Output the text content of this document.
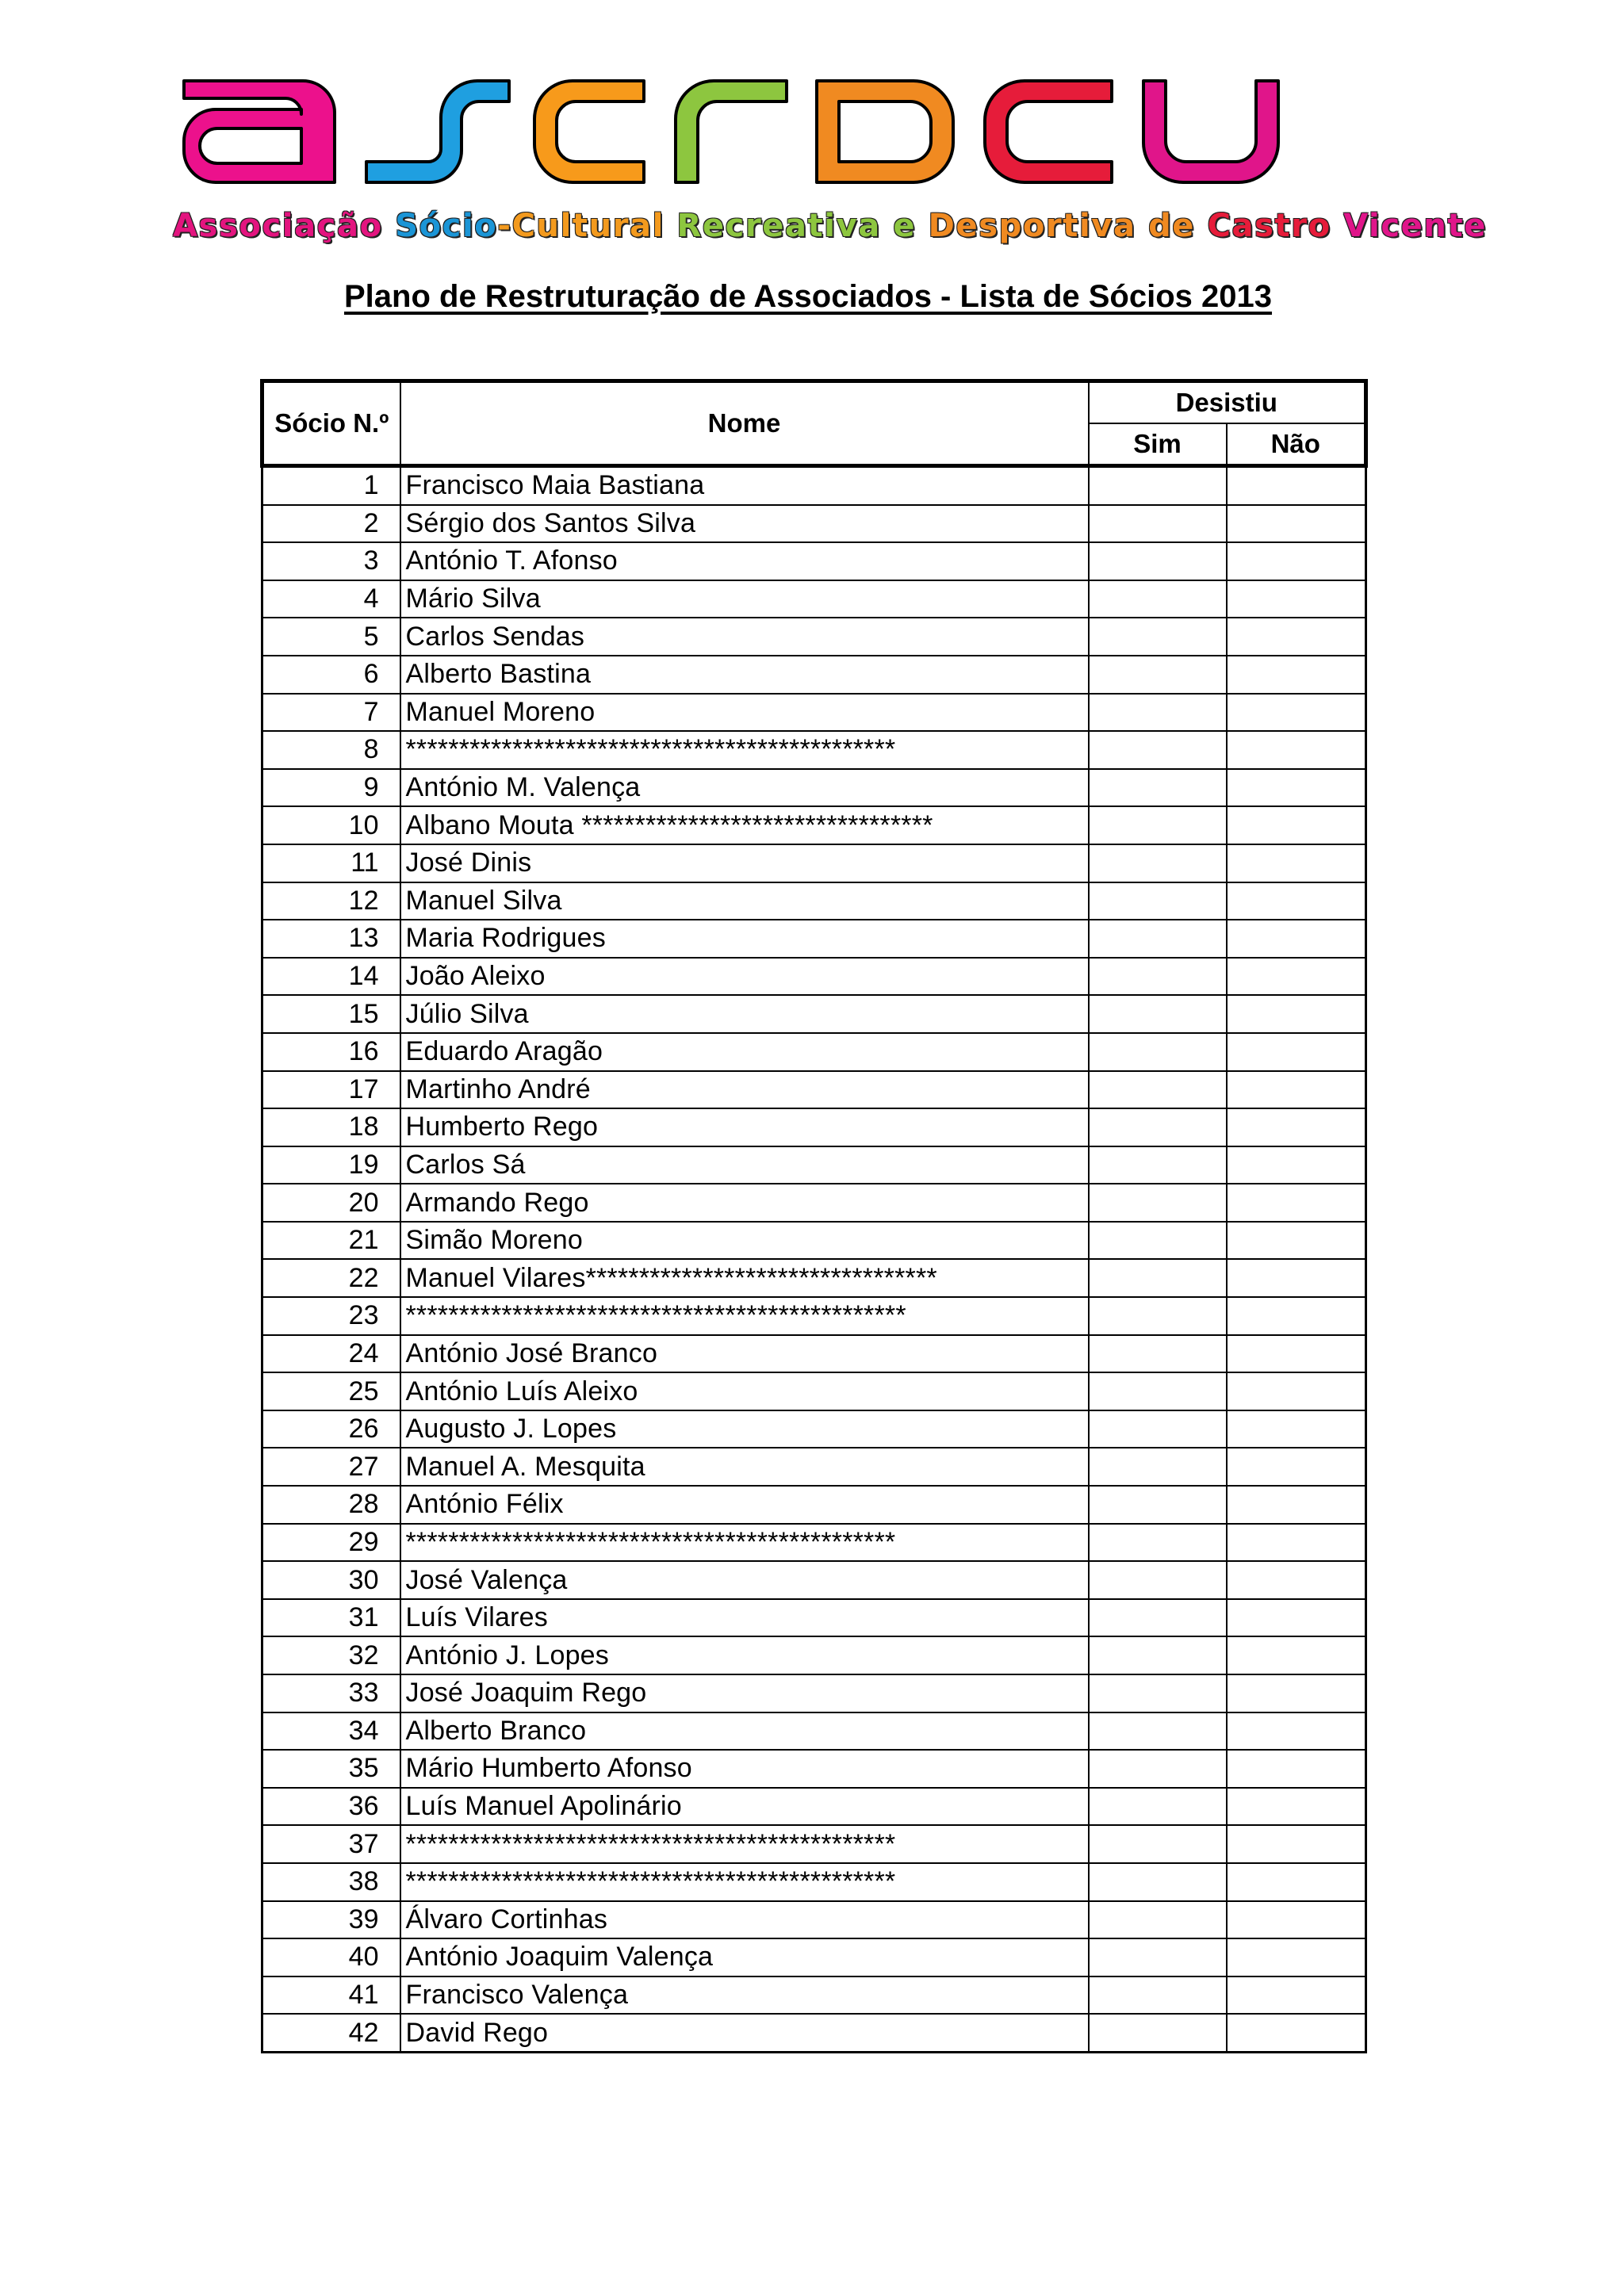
Associação Sócio-Cultural Recreativa e Desportiva de Castro Vicente
Plano de Restruturação de Associados - Lista de Sócios 2013
Sócio N.º	Nome	Desistiu	
		Sim	Não
1	Francisco Maia Bastiana		
2	Sérgio dos Santos Silva		
3	António T. Afonso		
4	Mário Silva		
5	Carlos Sendas		
6	Alberto Bastina		
7	Manuel Moreno		
8	**********************************************		
9	António M. Valença		
10	Albano Mouta *********************************		
11	José Dinis		
12	Manuel Silva		
13	Maria Rodrigues		
14	João Aleixo		
15	Júlio Silva		
16	Eduardo Aragão		
17	Martinho André		
18	Humberto Rego		
19	Carlos Sá		
20	Armando Rego		
21	Simão Moreno		
22	Manuel Vilares*********************************		
23	***********************************************		
24	António José Branco		
25	António Luís Aleixo		
26	Augusto J. Lopes		
27	Manuel A. Mesquita		
28	António Félix		
29	**********************************************		
30	José Valença		
31	Luís Vilares		
32	António J. Lopes		
33	José Joaquim Rego		
34	Alberto Branco		
35	Mário Humberto Afonso		
36	Luís Manuel Apolinário		
37	**********************************************		
38	**********************************************		
39	Álvaro Cortinhas		
40	António Joaquim Valença		
41	Francisco Valença		
42	David Rego		
